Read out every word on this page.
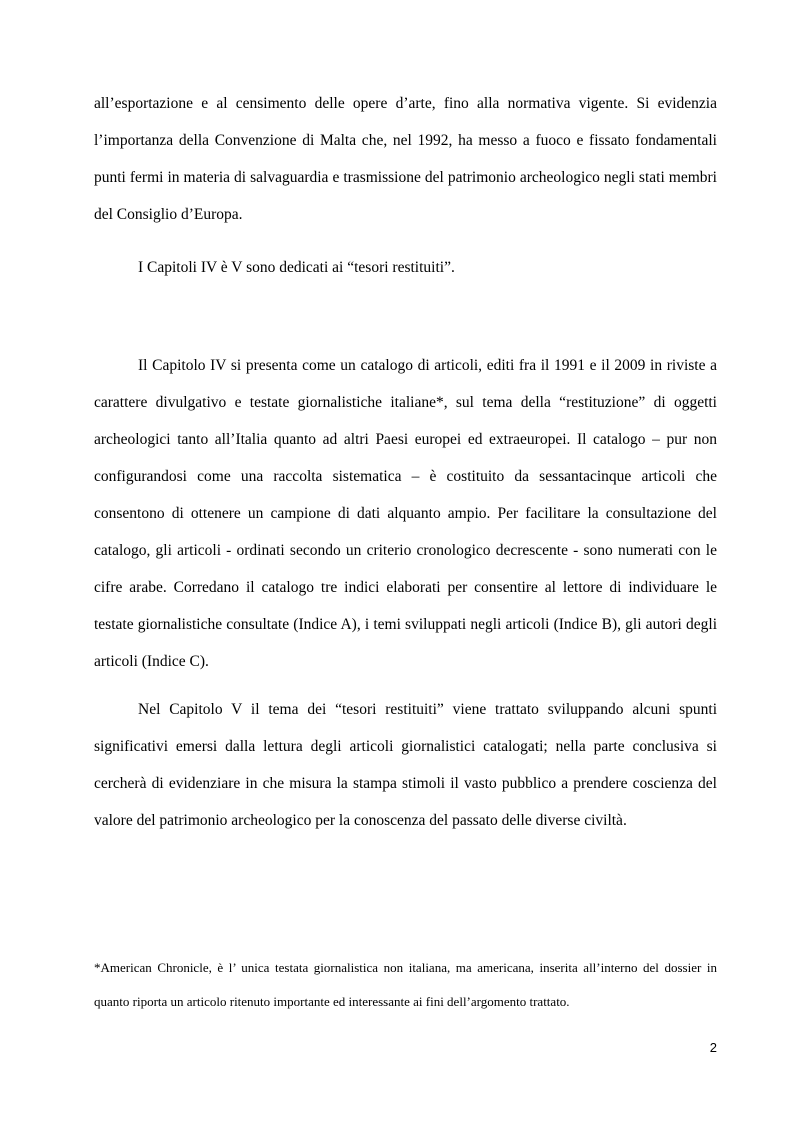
all’esportazione e al censimento delle opere d’arte, fino alla normativa vigente. Si evidenzia l’importanza della Convenzione di Malta che, nel 1992, ha messo a fuoco e fissato fondamentali punti fermi in materia di salvaguardia e trasmissione del patrimonio archeologico negli stati membri del Consiglio d’Europa.

I Capitoli IV è V sono dedicati ai “tesori restituiti”.

Il Capitolo IV si presenta come un catalogo di articoli, editi fra il 1991 e il 2009 in riviste a carattere divulgativo e testate giornalistiche italiane*, sul tema della “restituzione” di oggetti archeologici tanto all’Italia quanto ad altri Paesi europei ed extraeuropei. Il catalogo – pur non configurandosi come una raccolta sistematica – è costituito da sessantacinque articoli che consentono di ottenere un campione di dati alquanto ampio. Per facilitare la consultazione del catalogo, gli articoli - ordinati secondo un criterio cronologico decrescente - sono numerati con le cifre arabe. Corredano il catalogo tre indici elaborati per consentire al lettore di individuare le testate giornalistiche consultate (Indice A), i temi sviluppati negli articoli (Indice B), gli autori degli articoli (Indice C).

Nel Capitolo V il tema dei “tesori restituiti” viene trattato sviluppando alcuni spunti significativi emersi dalla lettura degli articoli giornalistici catalogati; nella parte conclusiva si cercherà di evidenziare in che misura la stampa stimoli il vasto pubblico a prendere coscienza del valore del patrimonio archeologico per la conoscenza del passato delle diverse civiltà.

*American Chronicle, è l’ unica testata giornalistica non italiana, ma americana, inserita all’interno del dossier in quanto riporta un articolo ritenuto importante ed interessante ai fini dell’argomento trattato.

2
